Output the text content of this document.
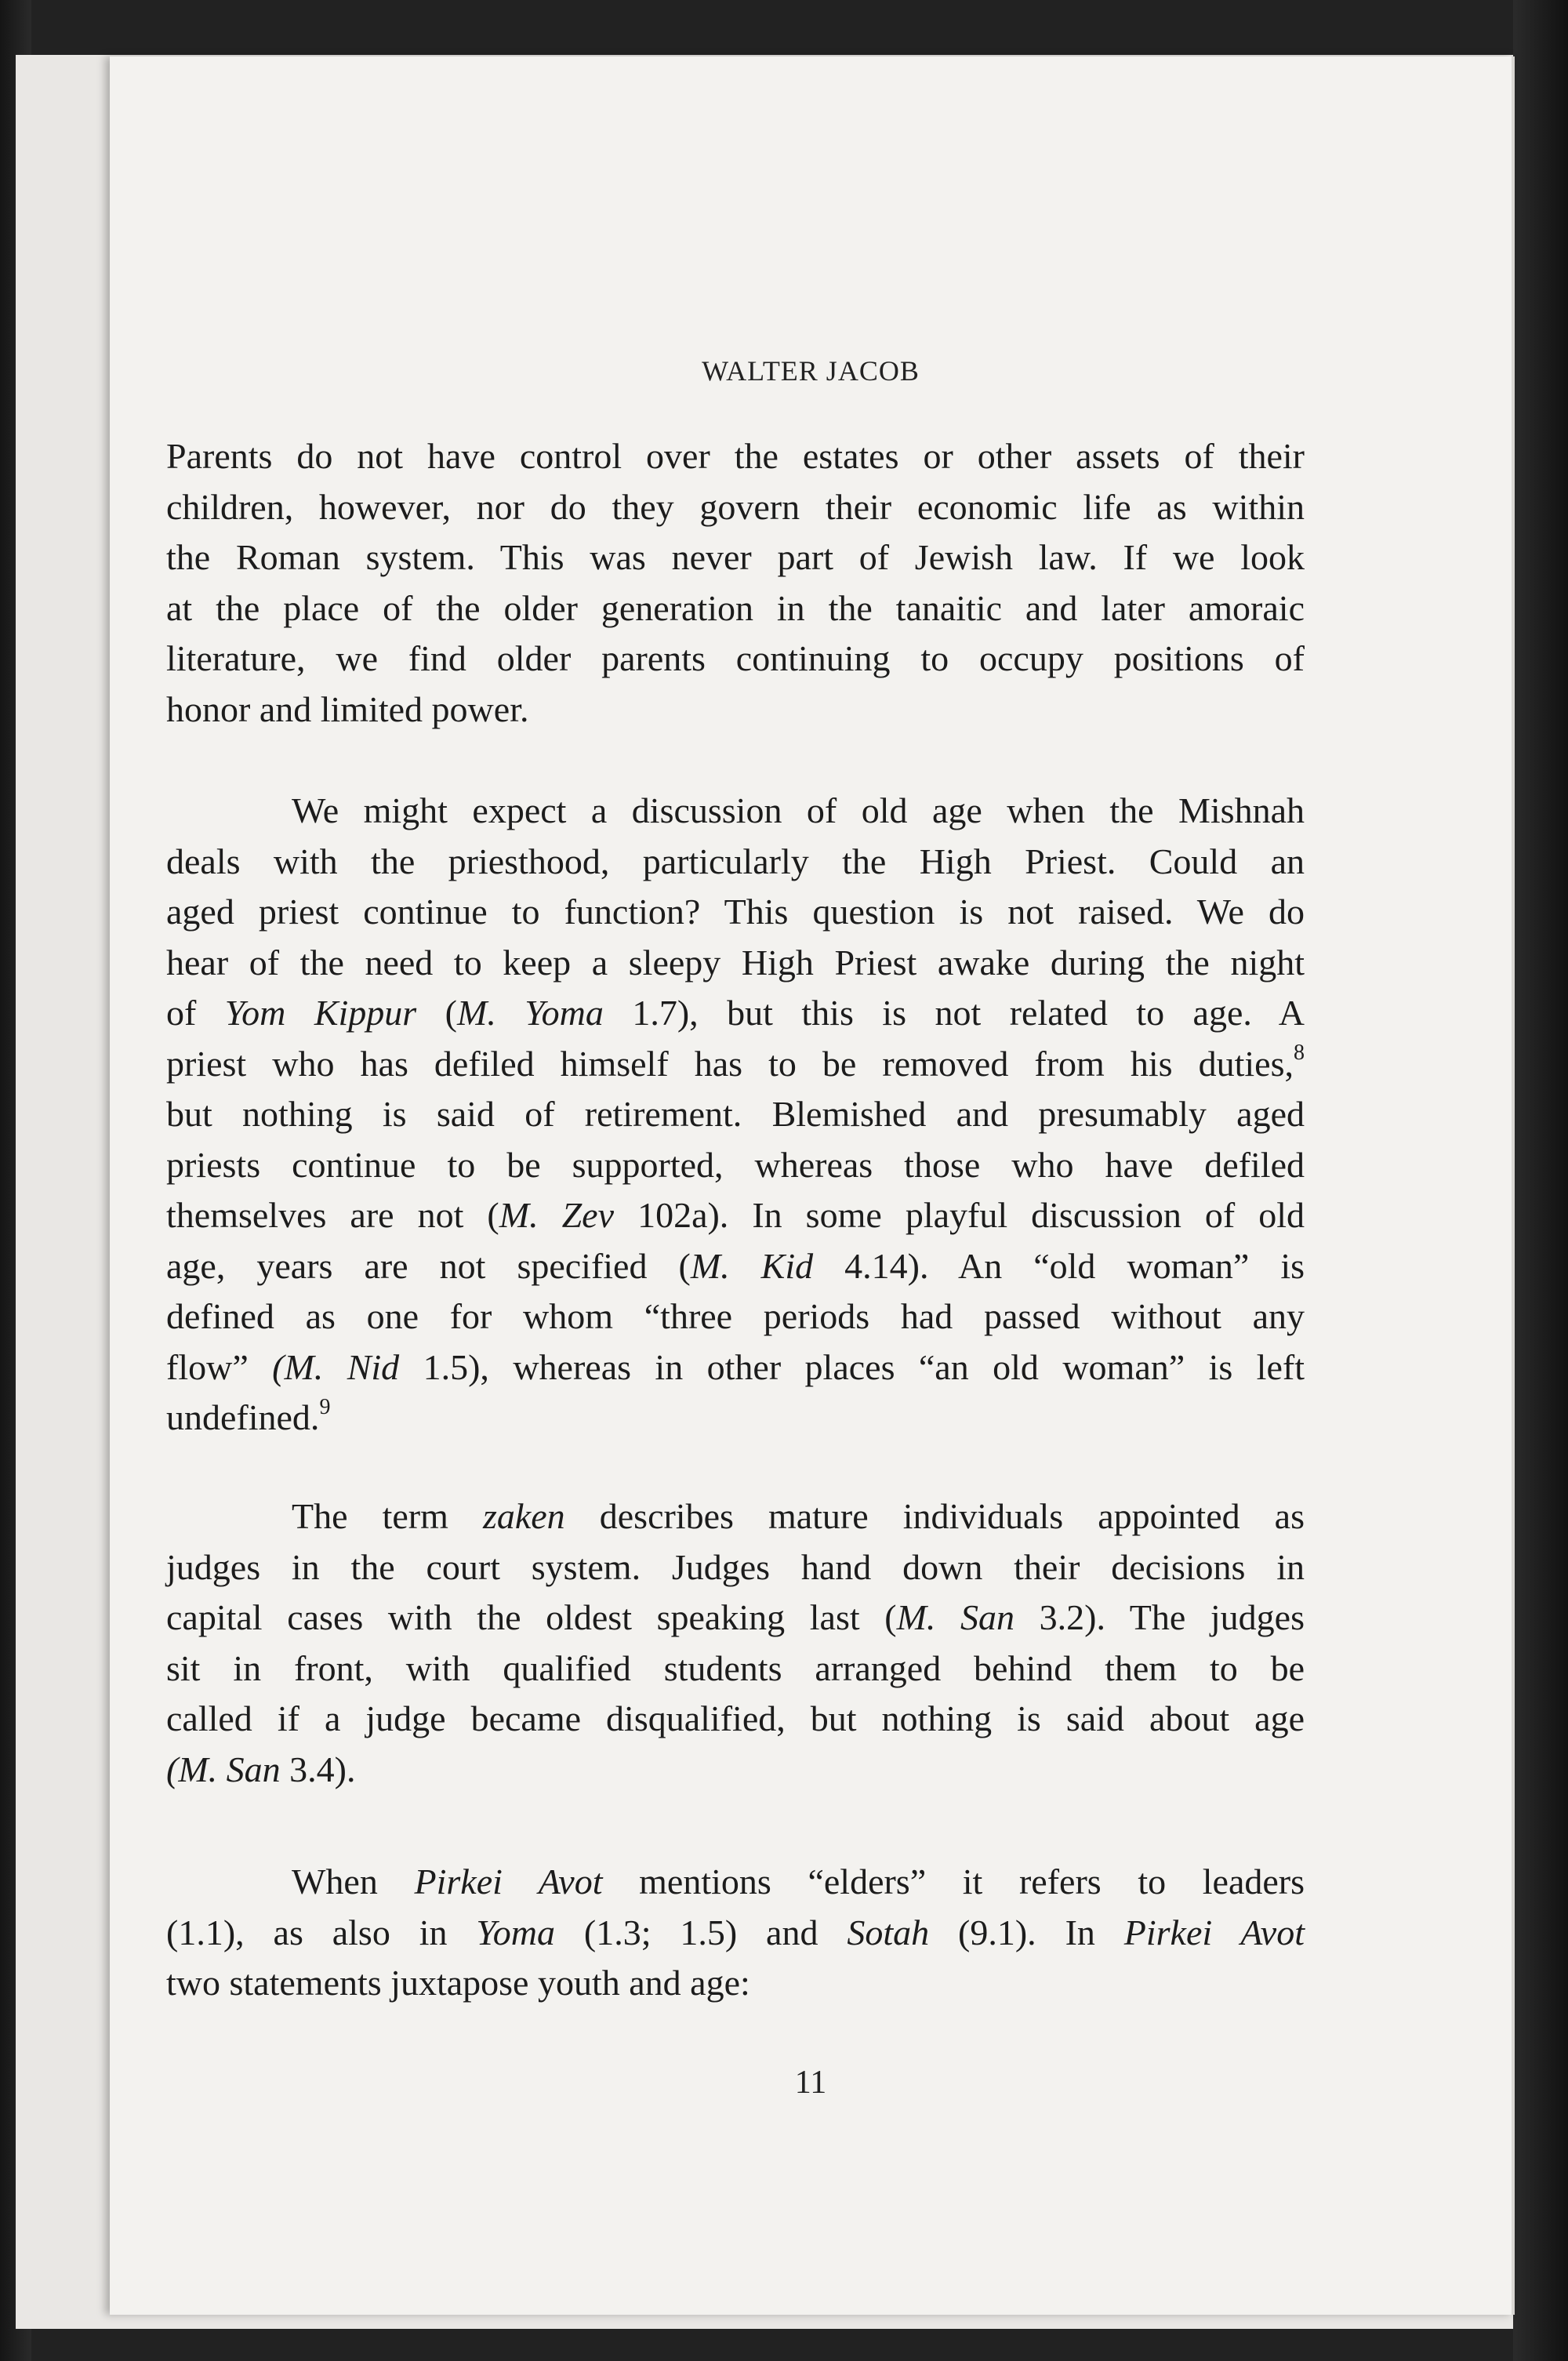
WALTER JACOB
Parents do not have control over the estates or other assets of their
children, however, nor do they govern their economic life as within
the Roman system. This was never part of Jewish law. If we look
at the place of the older generation in the tanaitic and later amoraic
literature, we find older parents continuing to occupy positions of
honor and limited power.
We might expect a discussion of old age when the Mishnah
deals with the priesthood, particularly the High Priest. Could an
aged priest continue to function? This question is not raised. We do
hear of the need to keep a sleepy High Priest awake during the night
of Yom Kippur (M. Yoma 1.7), but this is not related to age. A
priest who has defiled himself has to be removed from his duties,$^8$
but nothing is said of retirement. Blemished and presumably aged
priests continue to be supported, whereas those who have defiled
themselves are not (M. Zev 102a). In some playful discussion of old
age, years are not specified (M. Kid 4.14). An “old woman” is
defined as one for whom “three periods had passed without any
flow” (M. Nid 1.5), whereas in other places “an old woman” is left
undefined.$^9$
The term zaken describes mature individuals appointed as
judges in the court system. Judges hand down their decisions in
capital cases with the oldest speaking last (M. San 3.2). The judges
sit in front, with qualified students arranged behind them to be
called if a judge became disqualified, but nothing is said about age
(M. San 3.4).
When Pirkei Avot mentions “elders” it refers to leaders
(1.1), as also in Yoma (1.3; 1.5) and Sotah (9.1). In Pirkei Avot
two statements juxtapose youth and age:
11
